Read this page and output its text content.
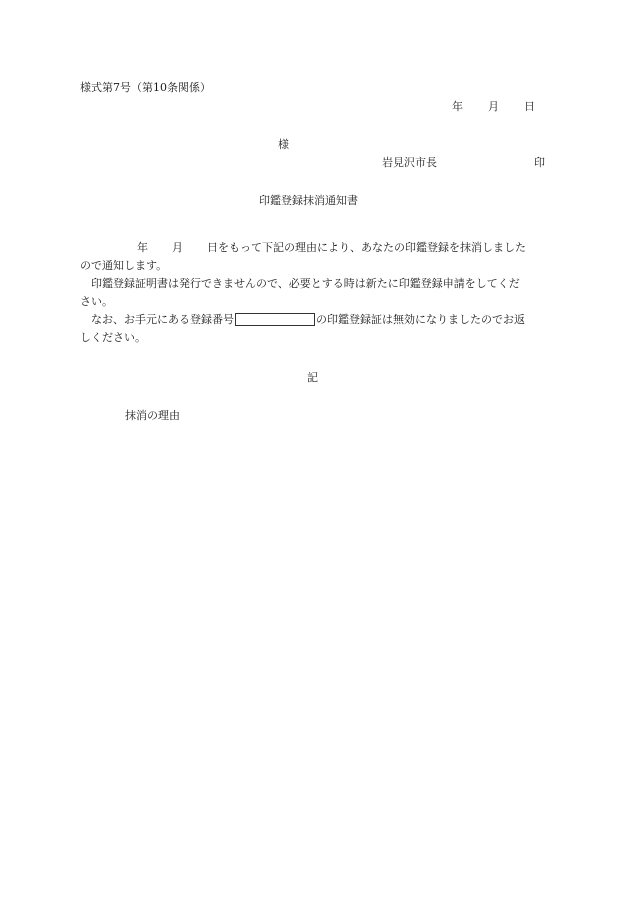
様式第7号（第10条関係）
年 月 日
様
岩見沢市長	印
印鑑登録抹消通知書
年 月 日をもって下記の理由により、あなたの印鑑登録を抹消しました
ので通知します。
　印鑑登録証明書は発行できませんので、必要とする時は新たに印鑑登録申請をしてくだ
さい。
　なお、お手元にある登録番号	の印鑑登録証は無効になりましたのでお返
しください。
記
抹消の理由
